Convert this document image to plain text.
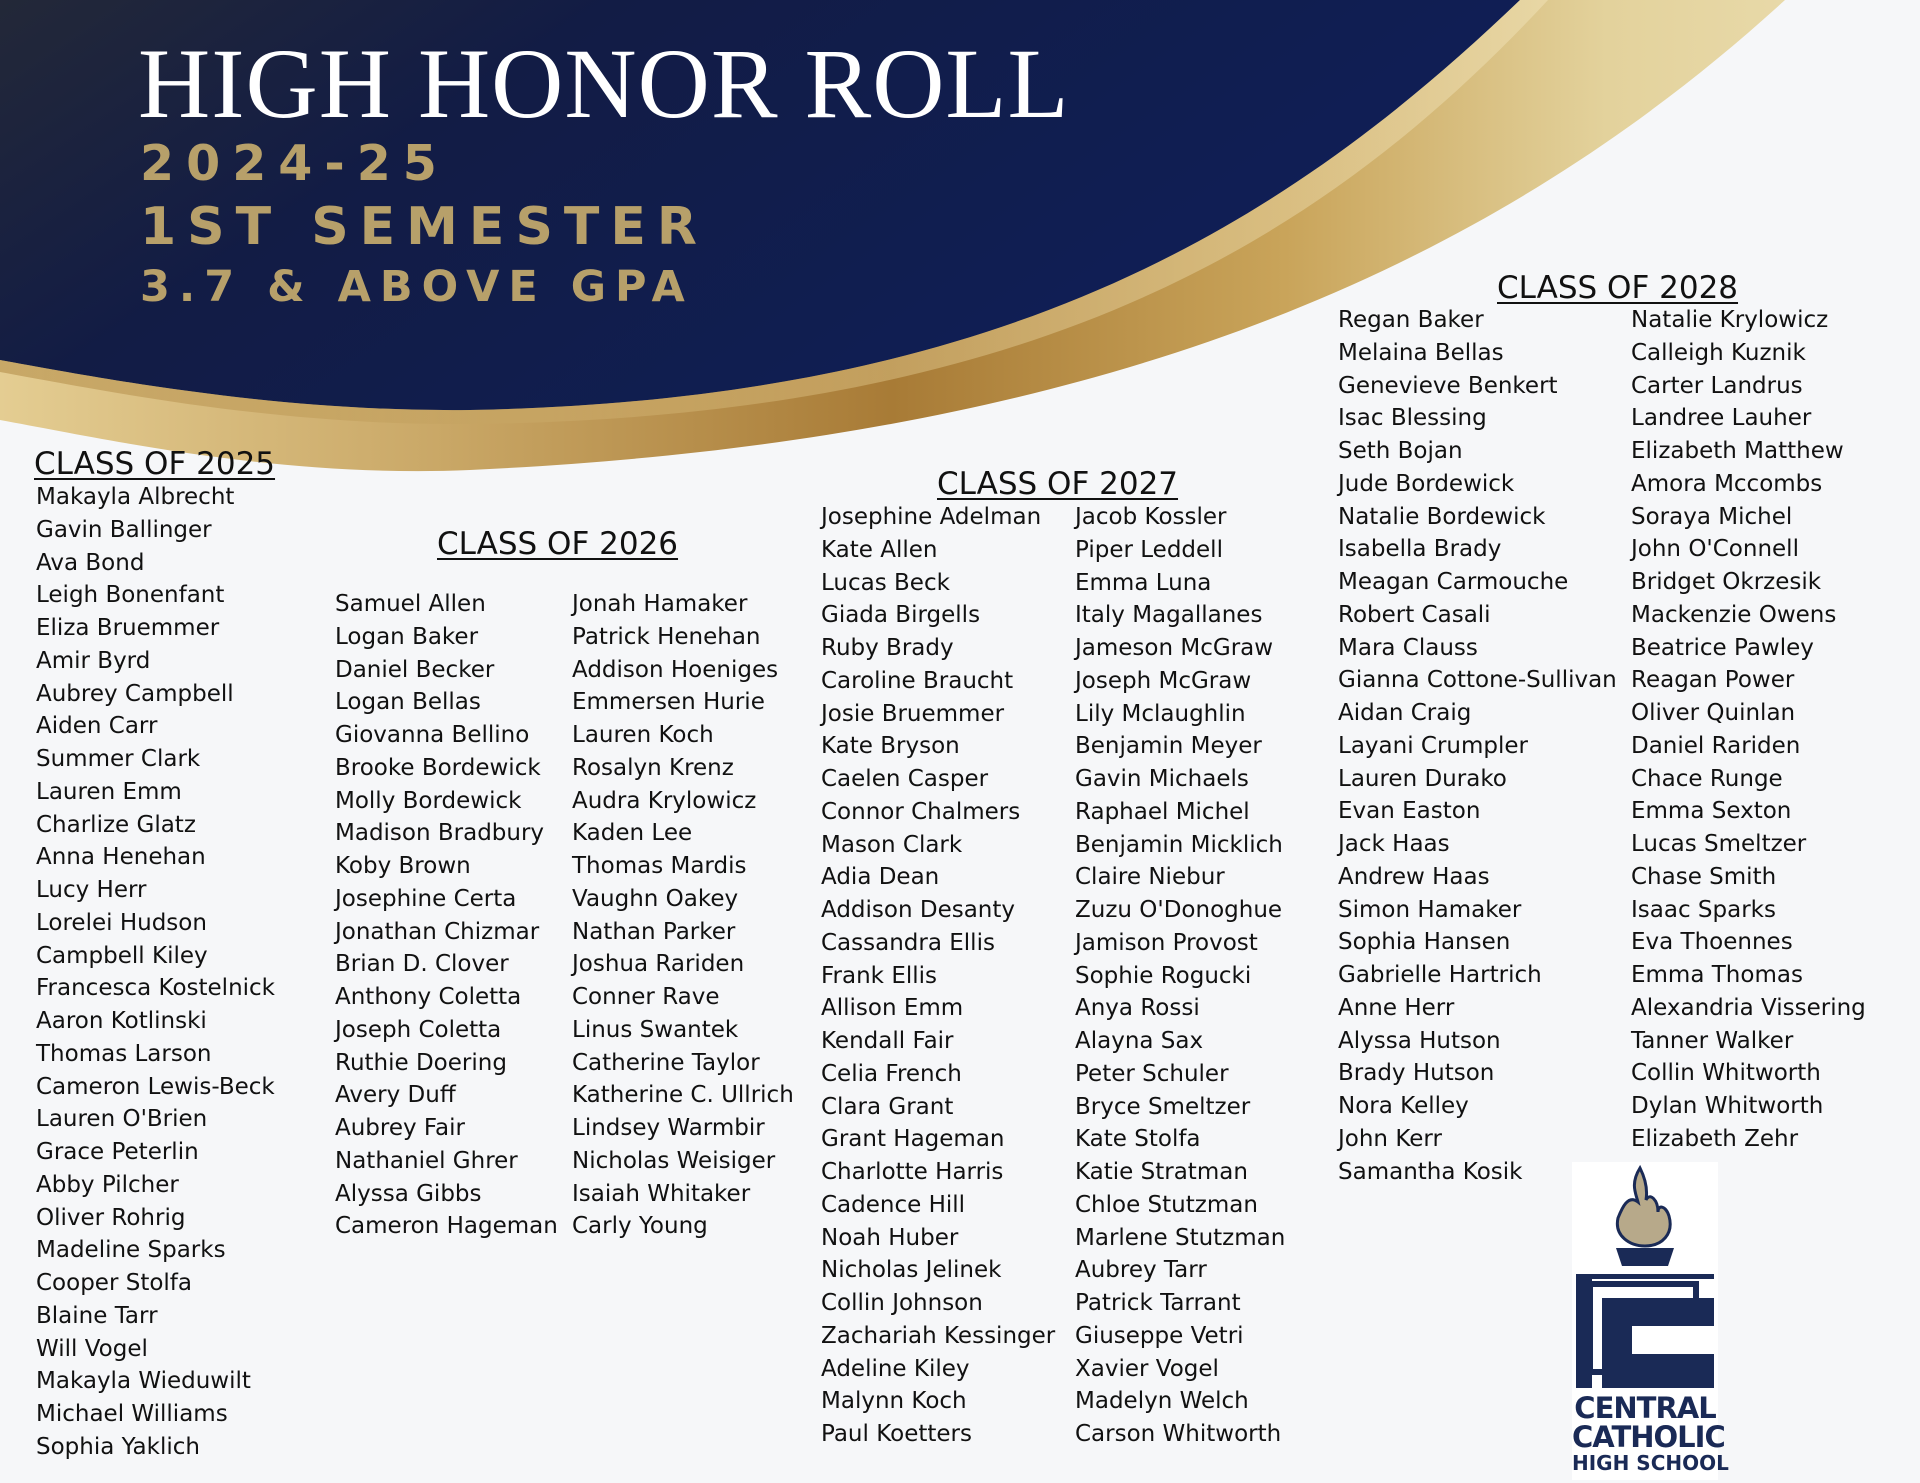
HIGH HONOR ROLL

2024-25

1ST SEMESTER

3.7 & ABOVE GPA

CLASS OF 2025
Makayla Albrecht
Gavin Ballinger
Ava Bond
Leigh Bonenfant
Eliza Bruemmer
Amir Byrd
Aubrey Campbell
Aiden Carr
Summer Clark
Lauren Emm
Charlize Glatz
Anna Henehan
Lucy Herr
Lorelei Hudson
Campbell Kiley
Francesca Kostelnick
Aaron Kotlinski
Thomas Larson
Cameron Lewis-Beck
Lauren O'Brien
Grace Peterlin
Abby Pilcher
Oliver Rohrig
Madeline Sparks
Cooper Stolfa
Blaine Tarr
Will Vogel
Makayla Wieduwilt
Michael Williams
Sophia Yaklich
CLASS OF 2026
Samuel Allen
Logan Baker
Daniel Becker
Logan Bellas
Giovanna Bellino
Brooke Bordewick
Molly Bordewick
Madison Bradbury
Koby Brown
Josephine Certa
Jonathan Chizmar
Brian D. Clover
Anthony Coletta
Joseph Coletta
Ruthie Doering
Avery Duff
Aubrey Fair
Nathaniel Ghrer
Alyssa Gibbs
Cameron Hageman
Jonah Hamaker
Patrick Henehan
Addison Hoeniges
Emmersen Hurie
Lauren Koch
Rosalyn Krenz
Audra Krylowicz
Kaden Lee
Thomas Mardis
Vaughn Oakey
Nathan Parker
Joshua Rariden
Conner Rave
Linus Swantek
Catherine Taylor
Katherine C. Ullrich
Lindsey Warmbir
Nicholas Weisiger
Isaiah Whitaker
Carly Young
CLASS OF 2027
Josephine Adelman
Kate Allen
Lucas Beck
Giada Birgells
Ruby Brady
Caroline Braucht
Josie Bruemmer
Kate Bryson
Caelen Casper
Connor Chalmers
Mason Clark
Adia Dean
Addison Desanty
Cassandra Ellis
Frank Ellis
Allison Emm
Kendall Fair
Celia French
Clara Grant
Grant Hageman
Charlotte Harris
Cadence Hill
Noah Huber
Nicholas Jelinek
Collin Johnson
Zachariah Kessinger
Adeline Kiley
Malynn Koch
Paul Koetters
Jacob Kossler
Piper Leddell
Emma Luna
Italy Magallanes
Jameson McGraw
Joseph McGraw
Lily Mclaughlin
Benjamin Meyer
Gavin Michaels
Raphael Michel
Benjamin Micklich
Claire Niebur
Zuzu O'Donoghue
Jamison Provost
Sophie Rogucki
Anya Rossi
Alayna Sax
Peter Schuler
Bryce Smeltzer
Kate Stolfa
Katie Stratman
Chloe Stutzman
Marlene Stutzman
Aubrey Tarr
Patrick Tarrant
Giuseppe Vetri
Xavier Vogel
Madelyn Welch
Carson Whitworth
CLASS OF 2028
Regan Baker
Melaina Bellas
Genevieve Benkert
Isac Blessing
Seth Bojan
Jude Bordewick
Natalie Bordewick
Isabella Brady
Meagan Carmouche
Robert Casali
Mara Clauss
Gianna Cottone-Sullivan
Aidan Craig
Layani Crumpler
Lauren Durako
Evan Easton
Jack Haas
Andrew Haas
Simon Hamaker
Sophia Hansen
Gabrielle Hartrich
Anne Herr
Alyssa Hutson
Brady Hutson
Nora Kelley
John Kerr
Samantha Kosik
Natalie Krylowicz
Calleigh Kuznik
Carter Landrus
Landree Lauher
Elizabeth Matthew
Amora Mccombs
Soraya Michel
John O'Connell
Bridget Okrzesik
Mackenzie Owens
Beatrice Pawley
Reagan Power
Oliver Quinlan
Daniel Rariden
Chace Runge
Emma Sexton
Lucas Smeltzer
Chase Smith
Isaac Sparks
Eva Thoennes
Emma Thomas
Alexandria Vissering
Tanner Walker
Collin Whitworth
Dylan Whitworth
Elizabeth Zehr

CENTRAL

CATHOLIC

HIGH SCHOOL
